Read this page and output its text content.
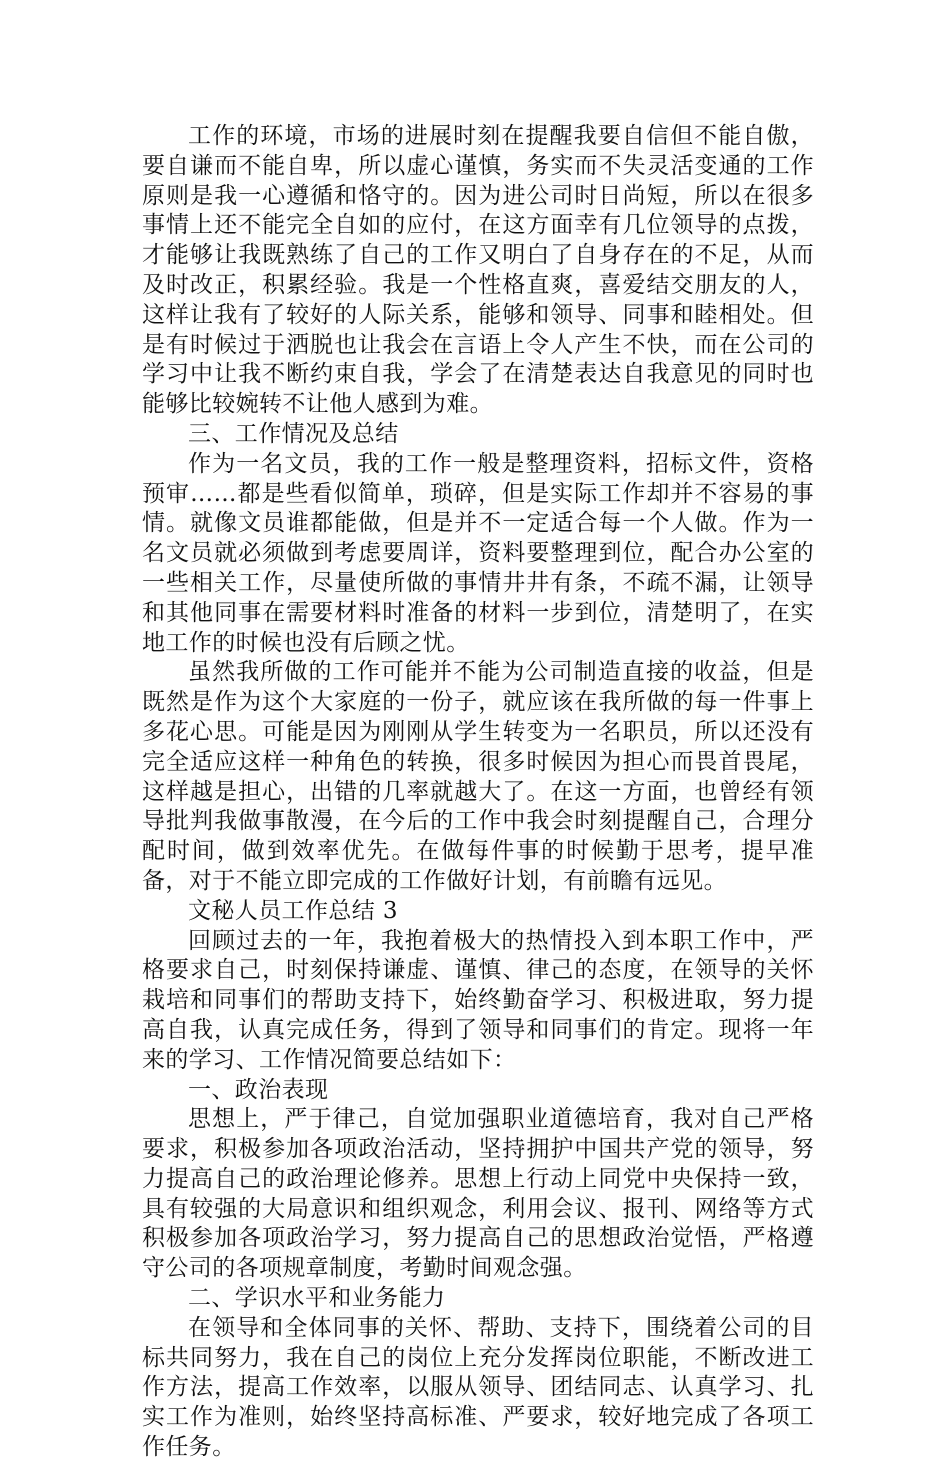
工作的环境，市场的进展时刻在提醒我要自信但不能自傲，要自谦而不能自卑，所以虚心谨慎，务实而不失灵活变通的工作原则是我一心遵循和恪守的。因为进公司时日尚短，所以在很多事情上还不能完全自如的应付，在这方面幸有几位领导的点拨，才能够让我既熟练了自己的工作又明白了自身存在的不足，从而及时改正，积累经验。我是一个性格直爽，喜爱结交朋友的人，这样让我有了较好的人际关系，能够和领导、同事和睦相处。但是有时候过于洒脱也让我会在言语上令人产生不快，而在公司的学习中让我不断约束自我，学会了在清楚表达自我意见的同时也能够比较婉转不让他人感到为难。

三、工作情况及总结

作为一名文员，我的工作一般是整理资料，招标文件，资格预审……都是些看似简单，琐碎，但是实际工作却并不容易的事情。就像文员谁都能做，但是并不一定适合每一个人做。作为一名文员就必须做到考虑要周详，资料要整理到位，配合办公室的一些相关工作，尽量使所做的事情井井有条，不疏不漏，让领导和其他同事在需要材料时准备的材料一步到位，清楚明了，在实地工作的时候也没有后顾之忧。

虽然我所做的工作可能并不能为公司制造直接的收益，但是既然是作为这个大家庭的一份子，就应该在我所做的每一件事上多花心思。可能是因为刚刚从学生转变为一名职员，所以还没有完全适应这样一种角色的转换，很多时候因为担心而畏首畏尾，这样越是担心，出错的几率就越大了。在这一方面，也曾经有领导批判我做事散漫，在今后的工作中我会时刻提醒自己，合理分配时间，做到效率优先。在做每件事的时候勤于思考，提早准备，对于不能立即完成的工作做好计划，有前瞻有远见。

文秘人员工作总结 3

回顾过去的一年，我抱着极大的热情投入到本职工作中，严格要求自己，时刻保持谦虚、谨慎、律己的态度，在领导的关怀栽培和同事们的帮助支持下，始终勤奋学习、积极进取，努力提高自我，认真完成任务，得到了领导和同事们的肯定。现将一年来的学习、工作情况简要总结如下：

一、政治表现

思想上，严于律己，自觉加强职业道德培育，我对自己严格要求，积极参加各项政治活动，坚持拥护中国共产党的领导，努力提高自己的政治理论修养。思想上行动上同党中央保持一致，具有较强的大局意识和组织观念，利用会议、报刊、网络等方式积极参加各项政治学习，努力提高自己的思想政治觉悟，严格遵守公司的各项规章制度，考勤时间观念强。

二、学识水平和业务能力

在领导和全体同事的关怀、帮助、支持下，围绕着公司的目标共同努力，我在自己的岗位上充分发挥岗位职能，不断改进工作方法，提高工作效率，以服从领导、团结同志、认真学习、扎实工作为准则，始终坚持高标准、严要求，较好地完成了各项工作任务。
